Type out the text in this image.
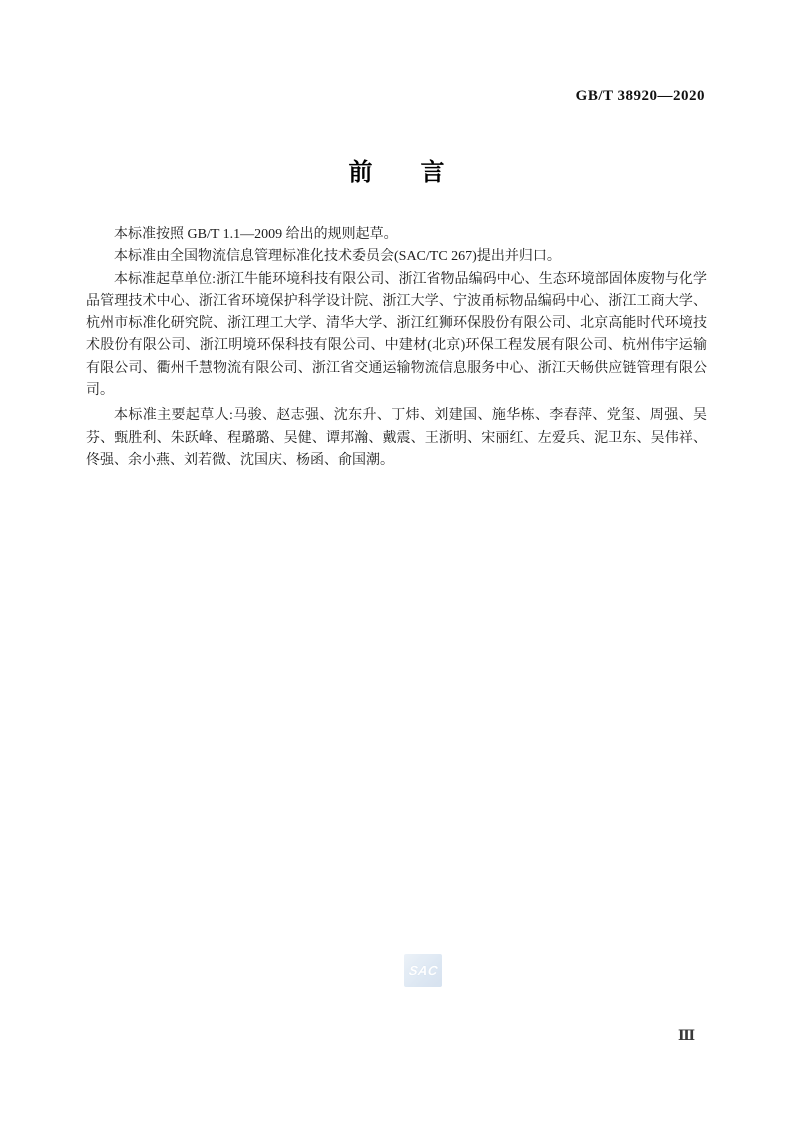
GB/T 38920—2020
前　　言

本标准按照 GB/T 1.1—2009 给出的规则起草。

本标准由全国物流信息管理标准化技术委员会(SAC/TC 267)提出并归口。

本标准起草单位:浙江牛能环境科技有限公司、浙江省物品编码中心、生态环境部固体废物与化学品管理技术中心、浙江省环境保护科学设计院、浙江大学、宁波甬标物品编码中心、浙江工商大学、杭州市标准化研究院、浙江理工大学、清华大学、浙江红狮环保股份有限公司、北京高能时代环境技术股份有限公司、浙江明境环保科技有限公司、中建材(北京)环保工程发展有限公司、杭州伟宇运输有限公司、衢州千慧物流有限公司、浙江省交通运输物流信息服务中心、浙江天畅供应链管理有限公司。

本标准主要起草人:马骏、赵志强、沈东升、丁炜、刘建国、施华栋、李春萍、党玺、周强、吴芬、甄胜利、朱跃峰、程璐璐、吴健、谭邦瀚、戴震、王浙明、宋丽红、左爱兵、泥卫东、吴伟祥、佟强、余小燕、刘若微、沈国庆、杨函、俞国潮。

SAC
Ⅲ
